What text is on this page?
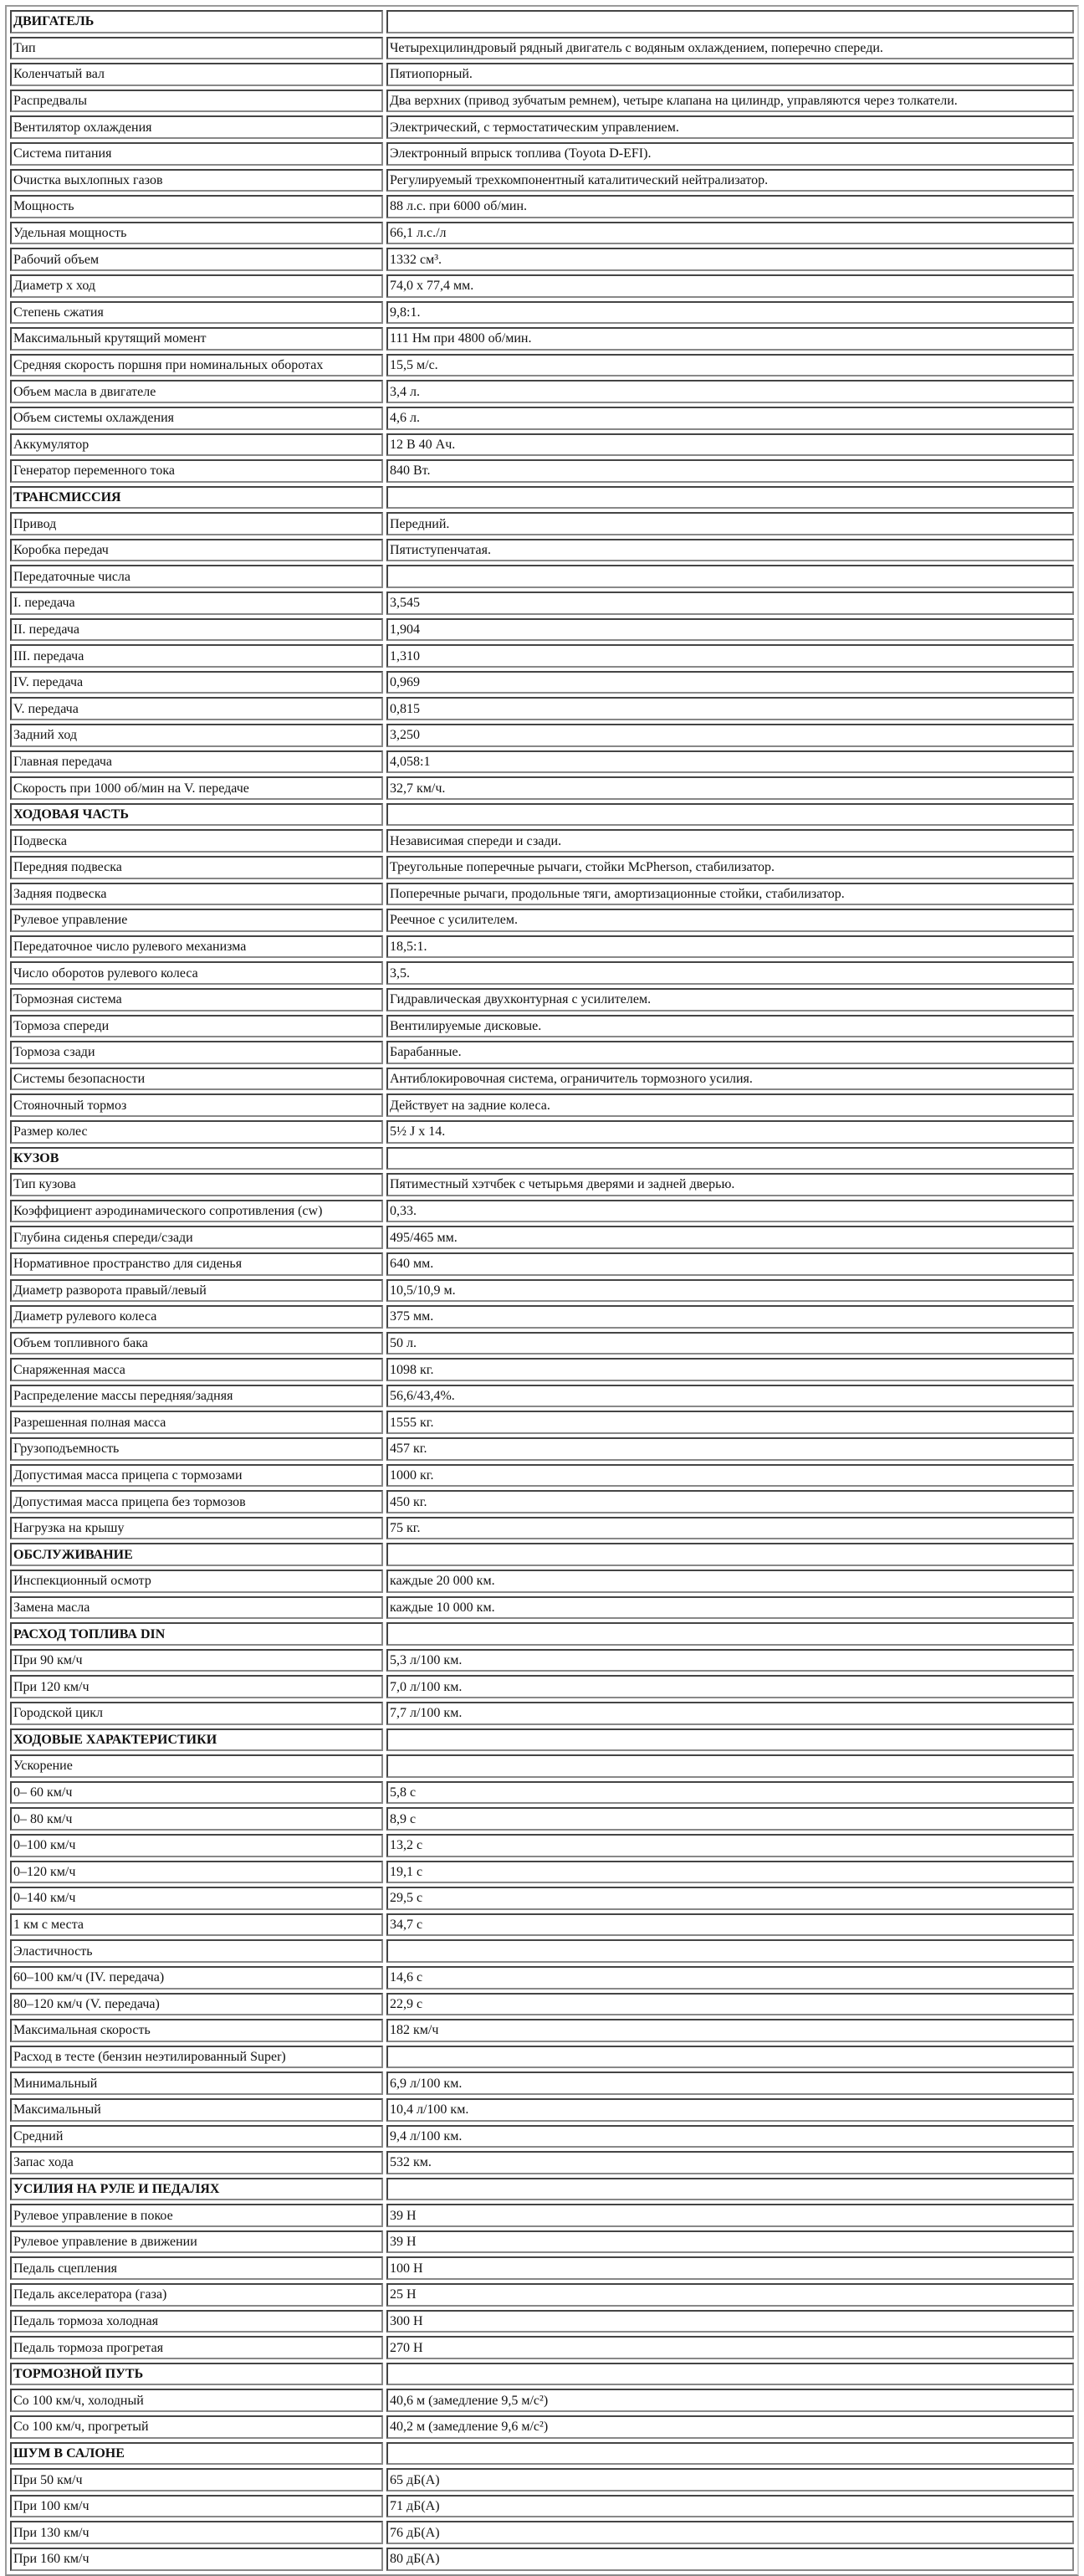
ДВИГАТЕЛЬ	
Тип	Четырехцилиндровый рядный двигатель с водяным охлаждением, поперечно спереди.
Коленчатый вал	Пятиопорный.
Распредвалы	Два верхних (привод зубчатым ремнем), четыре клапана на цилиндр, управляются через толкатели.
Вентилятор охлаждения	Электрический, с термостатическим управлением.
Система питания	Электронный впрыск топлива (Toyota D-EFI).
Очистка выхлопных газов	Регулируемый трехкомпонентный каталитический нейтрализатор.
Мощность	88 л.с. при 6000 об/мин.
Удельная мощность	66,1 л.с./л
Рабочий объем	1332 см³.
Диаметр х ход	74,0 х 77,4 мм.
Степень сжатия	9,8:1.
Максимальный крутящий момент	111 Нм при 4800 об/мин.
Средняя скорость поршня при номинальных оборотах	15,5 м/с.
Объем масла в двигателе	3,4 л.
Объем системы охлаждения	4,6 л.
Аккумулятор	12 В 40 Ач.
Генератор переменного тока	840 Вт.
ТРАНСМИССИЯ	
Привод	Передний.
Коробка передач	Пятиступенчатая.
Передаточные числа	
I. передача	3,545
II. передача	1,904
III. передача	1,310
IV. передача	0,969
V. передача	0,815
Задний ход	3,250
Главная передача	4,058:1
Скорость при 1000 об/мин на V. передаче	32,7 км/ч.
ХОДОВАЯ ЧАСТЬ	
Подвеска	Независимая спереди и сзади.
Передняя подвеска	Треугольные поперечные рычаги, стойки McPherson, стабилизатор.
Задняя подвеска	Поперечные рычаги, продольные тяги, амортизационные стойки, стабилизатор.
Рулевое управление	Реечное с усилителем.
Передаточное число рулевого механизма	18,5:1.
Число оборотов рулевого колеса	3,5.
Тормозная система	Гидравлическая двухконтурная с усилителем.
Тормоза спереди	Вентилируемые дисковые.
Тормоза сзади	Барабанные.
Системы безопасности	Антиблокировочная система, ограничитель тормозного усилия.
Стояночный тормоз	Действует на задние колеса.
Размер колес	5½ J x 14.
КУЗОВ	
Тип кузова	Пятиместный хэтчбек с четырьмя дверями и задней дверью.
Коэффициент аэродинамического сопротивления (cw)	0,33.
Глубина сиденья спереди/сзади	495/465 мм.
Нормативное пространство для сиденья	640 мм.
Диаметр разворота правый/левый	10,5/10,9 м.
Диаметр рулевого колеса	375 мм.
Объем топливного бака	50 л.
Снаряженная масса	1098 кг.
Распределение массы передняя/задняя	56,6/43,4%.
Разрешенная полная масса	1555 кг.
Грузоподъемность	457 кг.
Допустимая масса прицепа с тормозами	1000 кг.
Допустимая масса прицепа без тормозов	450 кг.
Нагрузка на крышу	75 кг.
ОБСЛУЖИВАНИЕ	
Инспекционный осмотр	каждые 20 000 км.
Замена масла	каждые 10 000 км.
РАСХОД ТОПЛИВА DIN	
При 90 км/ч	5,3 л/100 км.
При 120 км/ч	7,0 л/100 км.
Городской цикл	7,7 л/100 км.
ХОДОВЫЕ ХАРАКТЕРИСТИКИ	
Ускорение	
0– 60 км/ч	5,8 с
0– 80 км/ч	8,9 с
0–100 км/ч	13,2 с
0–120 км/ч	19,1 с
0–140 км/ч	29,5 с
1 км с места	34,7 с
Эластичность	
60–100 км/ч (IV. передача)	14,6 с
80–120 км/ч (V. передача)	22,9 с
Максимальная скорость	182 км/ч
Расход в тесте (бензин неэтилированный Super)	
Минимальный	6,9 л/100 км.
Максимальный	10,4 л/100 км.
Средний	9,4 л/100 км.
Запас хода	532 км.
УСИЛИЯ НА РУЛЕ И ПЕДАЛЯХ	
Рулевое управление в покое	39 Н
Рулевое управление в движении	39 Н
Педаль сцепления	100 Н
Педаль акселератора (газа)	25 Н
Педаль тормоза холодная	300 Н
Педаль тормоза прогретая	270 Н
ТОРМОЗНОЙ ПУТЬ	
Со 100 км/ч, холодный	40,6 м (замедление 9,5 м/с²)
Со 100 км/ч, прогретый	40,2 м (замедление 9,6 м/с²)
ШУМ В САЛОНЕ	
При 50 км/ч	65 дБ(А)
При 100 км/ч	71 дБ(А)
При 130 км/ч	76 дБ(А)
При 160 км/ч	80 дБ(А)
